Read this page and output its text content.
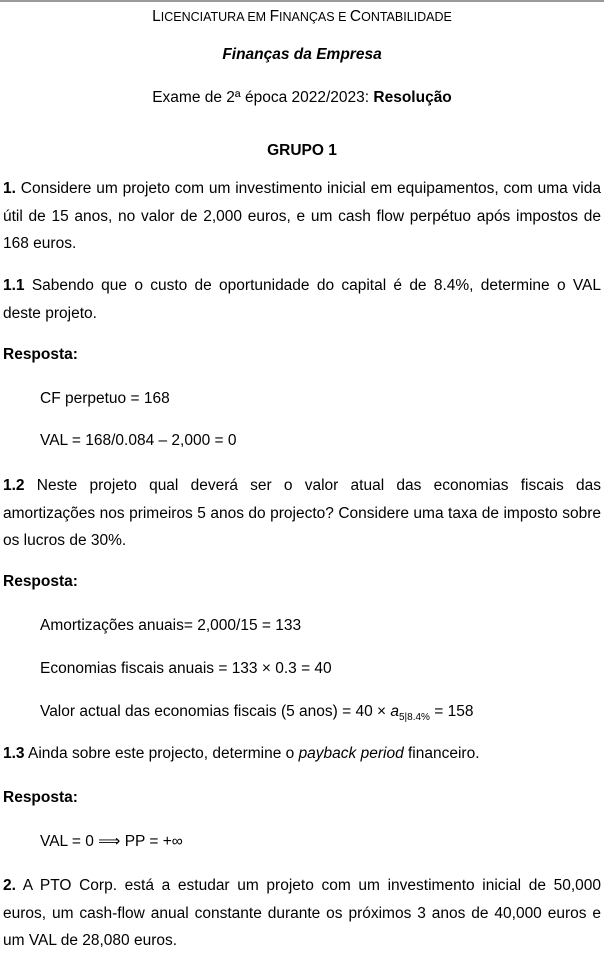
LICENCIATURA EM FINANÇAS E CONTABILIDADE
Finanças da Empresa
Exame de 2ª época 2022/2023: Resolução
GRUPO 1
1. Considere um projeto com um investimento inicial em equipamentos, com uma vida útil de 15 anos, no valor de 2,000 euros, e um cash flow perpétuo após impostos de 168 euros.
1.1 Sabendo que o custo de oportunidade do capital é de 8.4%, determine o VAL deste projeto.
Resposta:
CF perpetuo = 168
VAL = 168/0.084 – 2,000 = 0
1.2 Neste projeto qual deverá ser o valor atual das economias fiscais das amortizações nos primeiros 5 anos do projecto? Considere uma taxa de imposto sobre os lucros de 30%.
Resposta:
Amortizações anuais= 2,000/15 = 133
Economias fiscais anuais = 133 × 0.3 = 40
Valor actual das economias fiscais (5 anos) = $40 \times a_{5|8.4\%} = 158$
1.3 Ainda sobre este projecto, determine o payback period financeiro.
Resposta:
VAL = 0 ⟹ PP = +∞
2. A PTO Corp. está a estudar um projeto com um investimento inicial de 50,000 euros, um cash-flow anual constante durante os próximos 3 anos de 40,000 euros e um VAL de 28,080 euros.
